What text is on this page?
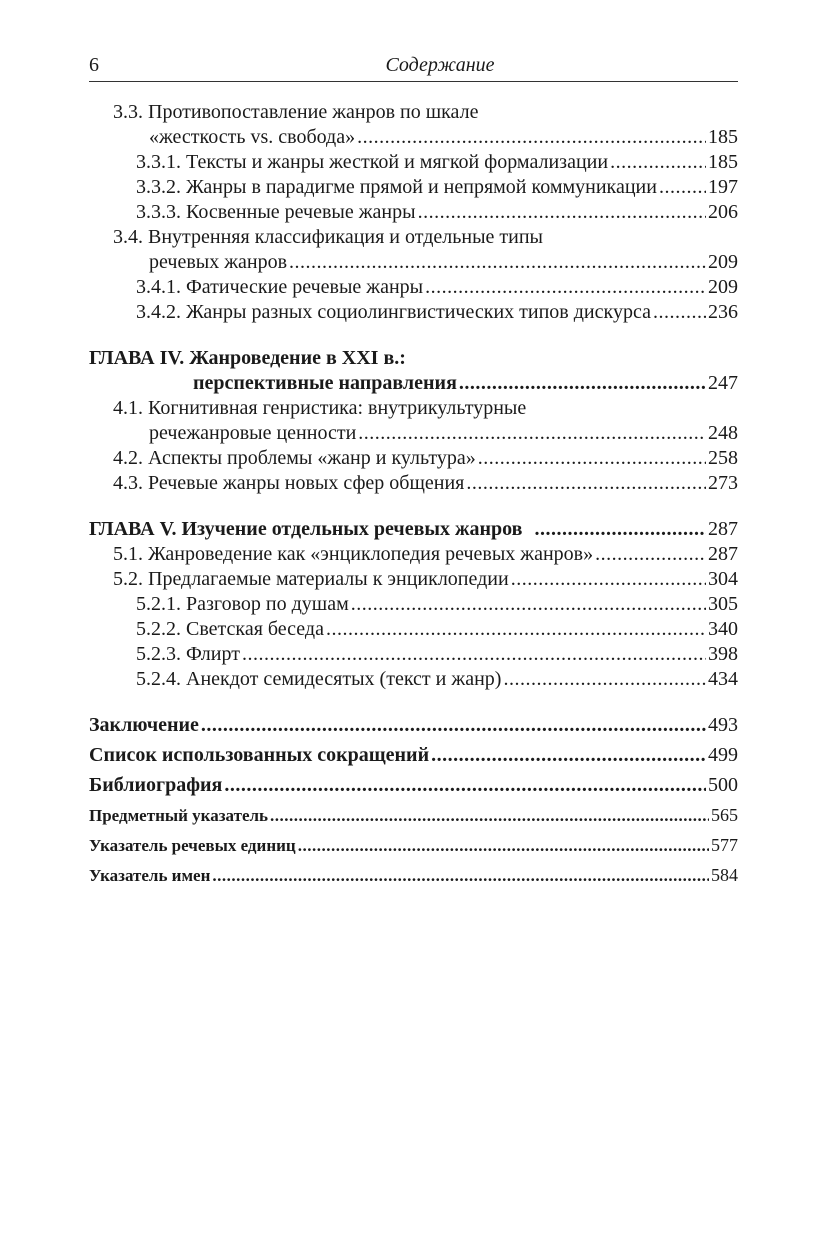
6	Содержание
3.3. Противопоставление жанров по шкале
«жесткость vs. свобода» .....	185
3.3.1. Тексты и жанры жесткой и мягкой формализации .....	185
3.3.2. Жанры в парадигме прямой и непрямой коммуникации .....	197
3.3.3. Косвенные речевые жанры .....	206
3.4. Внутренняя классификация и отдельные типы
речевых жанров .....	209
3.4.1. Фатические речевые жанры .....	209
3.4.2. Жанры разных социолингвистических типов дискурса .....	236
ГЛАВА IV. Жанроведение в XXI в.:
перспективные направления .....	247
4.1. Когнитивная генристика: внутрикультурные
речежанровые ценности .....	248
4.2. Аспекты проблемы «жанр и культура» .....	258
4.3. Речевые жанры новых сфер общения .....	273
ГЛАВА V. Изучение отдельных речевых жанров .....	287
5.1. Жанроведение как «энциклопедия речевых жанров» .....	287
5.2. Предлагаемые материалы к энциклопедии .....	304
5.2.1. Разговор по душам .....	305
5.2.2. Светская беседа .....	340
5.2.3. Флирт .....	398
5.2.4. Анекдот семидесятых (текст и жанр) .....	434
Заключение .....	493
Список использованных сокращений .....	499
Библиография .....	500
Предметный указатель .....	565
Указатель речевых единиц .....	577
Указатель имен .....	584
